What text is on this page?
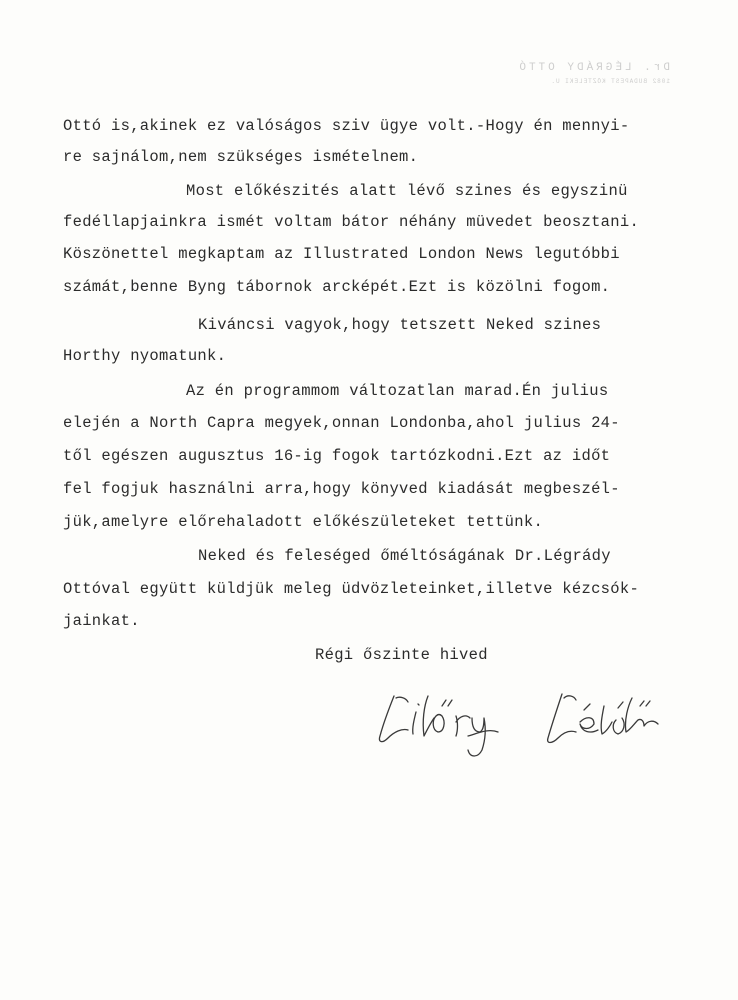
Dr. LÉGRÁDY OTTÓ
1082 BUDAPEST KÖZTELEKI U.
Ottó is,akinek ez valóságos sziv ügye volt.-Hogy én mennyi-
re sajnálom,nem szükséges ismételnem.
Most előkészités alatt lévő szines és egyszinü
fedéllapjainkra ismét voltam bátor néhány müvedet beosztani.
Köszönettel megkaptam az Illustrated London News legutóbbi
számát,benne Byng tábornok arcképét.Ezt is közölni fogom.
Kiváncsi vagyok,hogy tetszett Neked szines
Horthy nyomatunk.
Az én programmom változatlan marad.Én julius
elején a North Capra megyek,onnan Londonba,ahol julius 24-
től egészen augusztus 16-ig fogok tartózkodni.Ezt az időt
fel fogjuk használni arra,hogy könyved kiadását megbeszél-
jük,amelyre előrehaladott előkészületeket tettünk.
Neked és feleséged őméltóságának Dr.Légrády
Ottóval együtt küldjük meleg üdvözleteinket,illetve kézcsók-
jainkat.
Régi őszinte hived
